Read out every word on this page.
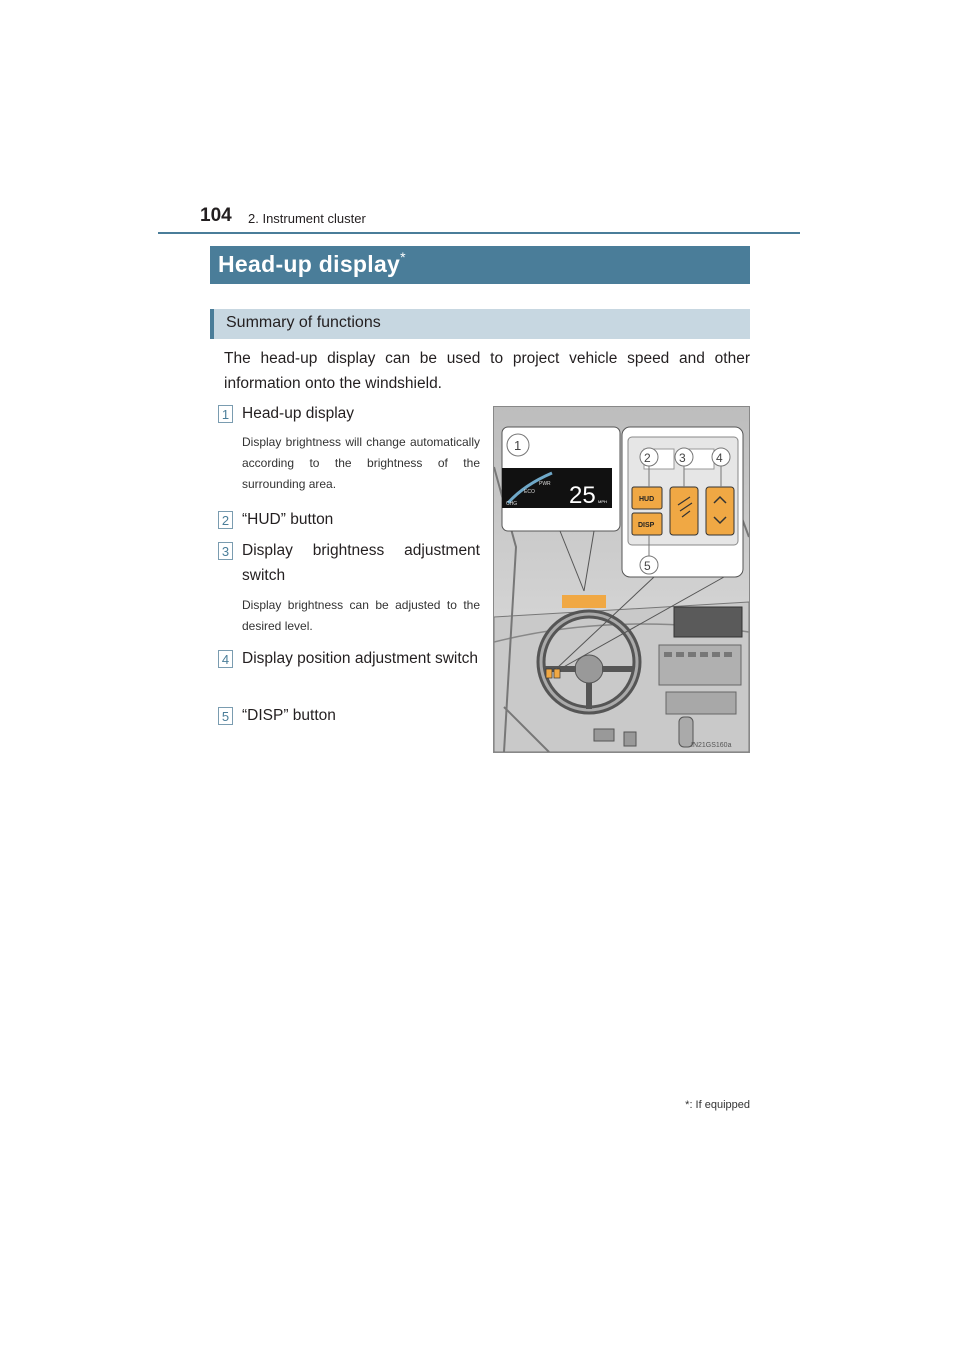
104 2. Instrument cluster
Head-up display*
Summary of functions
The head-up display can be used to project vehicle speed and other information onto the windshield.
1 Head-up display
Display brightness will change automatically according to the brightness of the surrounding area.
2 “HUD” button
3 Display brightness adjustment switch
Display brightness can be adjusted to the desired level.
4 Display position adjustment switch
5 “DISP” button
PWR
ECO
CHG 25 MPH
1
HUD
DISP
2 3	4
5
IN21GS160a
*: If equipped
